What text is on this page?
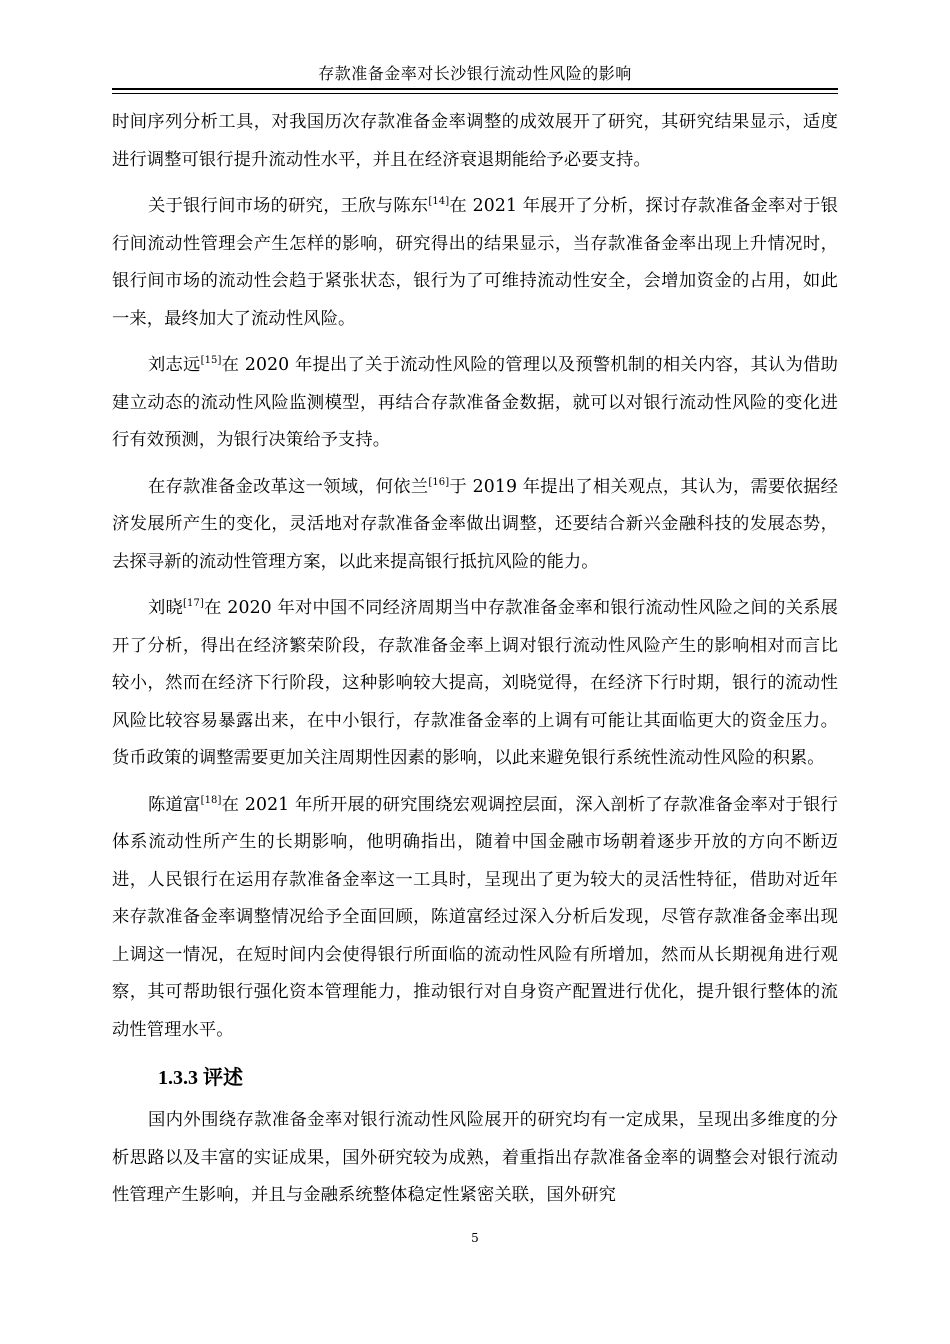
存款准备金率对长沙银行流动性风险的影响

时间序列分析工具，对我国历次存款准备金率调整的成效展开了研究，其研究结果显示，适度进行调整可银行提升流动性水平，并且在经济衰退期能给予必要支持。

关于银行间市场的研究，王欣与陈东[14]在 2021 年展开了分析，探讨存款准备金率对于银行间流动性管理会产生怎样的影响，研究得出的结果显示，当存款准备金率出现上升情况时，银行间市场的流动性会趋于紧张状态，银行为了可维持流动性安全，会增加资金的占用，如此一来，最终加大了流动性风险。

刘志远[15]在 2020 年提出了关于流动性风险的管理以及预警机制的相关内容，其认为借助建立动态的流动性风险监测模型，再结合存款准备金数据，就可以对银行流动性风险的变化进行有效预测，为银行决策给予支持。

在存款准备金改革这一领域，何依兰[16]于 2019 年提出了相关观点，其认为，需要依据经济发展所产生的变化，灵活地对存款准备金率做出调整，还要结合新兴金融科技的发展态势，去探寻新的流动性管理方案，以此来提高银行抵抗风险的能力。

刘晓[17]在 2020 年对中国不同经济周期当中存款准备金率和银行流动性风险之间的关系展开了分析，得出在经济繁荣阶段，存款准备金率上调对银行流动性风险产生的影响相对而言比较小，然而在经济下行阶段，这种影响较大提高，刘晓觉得，在经济下行时期，银行的流动性风险比较容易暴露出来，在中小银行，存款准备金率的上调有可能让其面临更大的资金压力。货币政策的调整需要更加关注周期性因素的影响，以此来避免银行系统性流动性风险的积累。

陈道富[18]在 2021 年所开展的研究围绕宏观调控层面，深入剖析了存款准备金率对于银行体系流动性所产生的长期影响，他明确指出，随着中国金融市场朝着逐步开放的方向不断迈进，人民银行在运用存款准备金率这一工具时，呈现出了更为较大的灵活性特征，借助对近年来存款准备金率调整情况给予全面回顾，陈道富经过深入分析后发现，尽管存款准备金率出现上调这一情况，在短时间内会使得银行所面临的流动性风险有所增加，然而从长期视角进行观察，其可帮助银行强化资本管理能力，推动银行对自身资产配置进行优化，提升银行整体的流动性管理水平。

1.3.3 评述

国内外围绕存款准备金率对银行流动性风险展开的研究均有一定成果，呈现出多维度的分析思路以及丰富的实证成果，国外研究较为成熟，着重指出存款准备金率的调整会对银行流动性管理产生影响，并且与金融系统整体稳定性紧密关联，国外研究

5
